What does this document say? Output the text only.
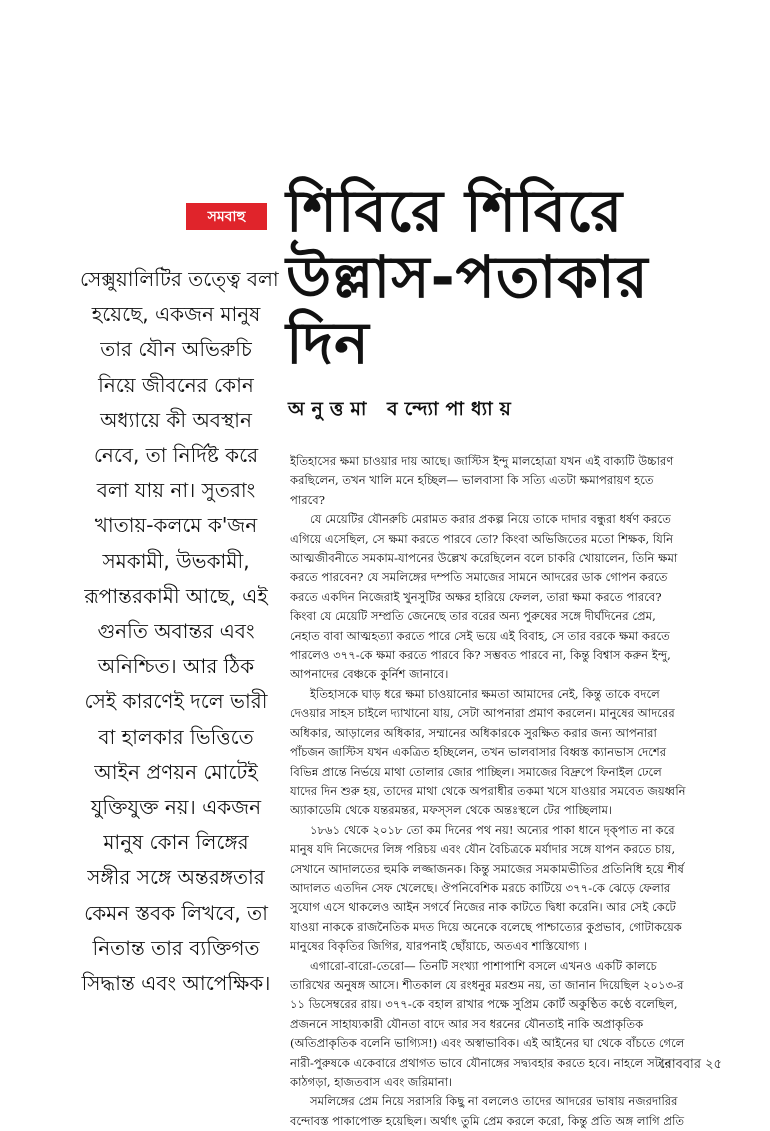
সমবাহু শিবিরে শিবিরে
উল্লাস-পতাকার
দিন
অনুত্তমা বন্দ্যোপাধ্যায়
সেক্সুয়ালিটির তত্ত্বে বলা
হয়েছে, একজন মানুষ
তার যৌন অভিরুচি
নিয়ে জীবনের কোন
অধ্যায়ে কী অবস্থান
নেবে, তা নির্দিষ্ট করে
বলা যায় না। সুতরাং
খাতায়-কলমে ক'জন
সমকামী, উভকামী,
রূপান্তরকামী আছে, এই
গুনতি অবান্তর এবং
অনিশ্চিত। আর ঠিক
সেই কারণেই দলে ভারী
বা হালকার ভিত্তিতে
আইন প্রণয়ন মোটেই
যুক্তিযুক্ত নয়। একজন
মানুষ কোন লিঙ্গের
সঙ্গীর সঙ্গে অন্তরঙ্গতার
কেমন স্তবক লিখবে, তা
নিতান্ত তার ব্যক্তিগত
সিদ্ধান্ত এবং আপেক্ষিক।
ইতিহাসের ক্ষমা চাওয়ার দায় আছে। জাস্টিস ইন্দু মালহোত্রা যখন এই বাক্যটি উচ্চারণ
করছিলেন, তখন খালি মনে হচ্ছিল— ভালবাসা কি সত্যি এতটা ক্ষমাপরায়ণ হতে
পারবে?
যে মেয়েটির যৌনরুচি মেরামত করার প্রকল্প নিয়ে তাকে দাদার বন্ধুরা ধর্ষণ করতে
এগিয়ে এসেছিল, সে ক্ষমা করতে পারবে তো? কিংবা অভিজিতের মতো শিক্ষক, যিনি
আত্মজীবনীতে সমকাম-যাপনের উল্লেখ করেছিলেন বলে চাকরি খোয়ালেন, তিনি ক্ষমা
করতে পারবেন? যে সমলিঙ্গের দম্পতি সমাজের সামনে আদরের ডাক গোপন করতে
করতে একদিন নিজেরাই খুনসুটির অক্ষর হারিয়ে ফেলল, তারা ক্ষমা করতে পারবে?
কিংবা যে মেয়েটি সম্প্রতি জেনেছে তার বরের অন্য পুরুষের সঙ্গে দীর্ঘদিনের প্রেম,
নেহাত বাবা আত্মহত্যা করতে পারে সেই ভয়ে এই বিবাহ, সে তার বরকে ক্ষমা করতে
পারলেও ৩৭৭-কে ক্ষমা করতে পারবে কি? সম্ভবত পারবে না, কিন্তু বিশ্বাস করুন ইন্দু,
আপনাদের বেঞ্চকে কুর্নিশ জানাবে।
ইতিহাসকে ঘাড় ধরে ক্ষমা চাওয়ানোর ক্ষমতা আমাদের নেই, কিন্তু তাকে বদলে
দেওয়ার সাহস চাইলে দ্যাখানো যায়, সেটা আপনারা প্রমাণ করলেন। মানুষের আদরের
অধিকার, আড়ালের অধিকার, সম্মানের অধিকারকে সুরক্ষিত করার জন্য আপনারা
পাঁচজন জাস্টিস যখন একত্রিত হচ্ছিলেন, তখন ভালবাসার বিধ্বস্ত ক্যানভাস দেশের
বিভিন্ন প্রান্তে নির্ভয়ে মাথা তোলার জোর পাচ্ছিল। সমাজের বিদ্রুপে ফিনাইল ঢেলে
যাদের দিন শুরু হয়, তাদের মাথা থেকে অপরাধীর তকমা খসে যাওয়ার সমবেত জয়ধ্বনি
অ্যাকাডেমি থেকে যন্তরমন্তর, মফস্সল থেকে অন্তঃস্থলে টের পাচ্ছিলাম।
১৮৬১ থেকে ২০১৮ তো কম দিনের পথ নয়! অন্যের পাকা ধানে দৃক্‌পাত না করে
মানুষ যদি নিজেদের লিঙ্গ পরিচয় এবং যৌন বৈচিত্রকে মর্যাদার সঙ্গে যাপন করতে চায়,
সেখানে আদালতের হুমকি লজ্জাজনক। কিন্তু সমাজের সমকামভীতির প্রতিনিধি হয়ে শীর্ষ
আদালত এতদিন সেফ খেলেছে। ঔপনিবেশিক মরচে কাটিয়ে ৩৭৭-কে ঝেড়ে ফেলার
সুযোগ এসে থাকলেও আইন সগর্বে নিজের নাক কাটতে দ্বিধা করেনি। আর সেই কেটে
যাওয়া নাককে রাজনৈতিক মদত দিয়ে অনেকে বলেছে পাশ্চাত্যের কুপ্রভাব, গোটাকয়েক
মানুষের বিকৃতির জিগির, যারপনাই ছোঁয়াচে, অতএব শাস্তিযোগ্য ।
এগারো-বারো-তেরো— তিনটি সংখ্যা পাশাপাশি বসলে এখনও একটি কালচে
তারিখের অনুষঙ্গ আসে। শীতকাল যে রংধনুর মরশুম নয়, তা জানান দিয়েছিল ২০১৩-র
১১ ডিসেম্বরের রায়। ৩৭৭-কে বহাল রাখার পক্ষে সুপ্রিম কোর্ট অকুণ্ঠিত কণ্ঠে বলেছিল,
প্রজননে সাহায্যকারী যৌনতা বাদে আর সব ধরনের যৌনতাই নাকি অপ্রাকৃতিক
(অতিপ্রাকৃতিক বলেনি ভাগ্যিস!) এবং অস্বাভাবিক। এই আইনের ঘা থেকে বাঁচতে গেলে
নারী-পুরুষকে একেবারে প্রথাগত ভাবে যৌনাঙ্গের সদ্ব্যবহার করতে হবে। নাহলে সটান
কাঠগড়া, হাজতবাস এবং জরিমানা।
সমলিঙ্গের প্রেম নিয়ে সরাসরি কিছু না বললেও তাদের আদরের ভাষায় নজরদারির
বন্দোবস্ত পাকাপোক্ত হয়েছিল। অর্থাৎ তুমি প্রেম করলে করো, কিন্তু প্রতি অঙ্গ লাগি প্রতি
রোববার ২৫
